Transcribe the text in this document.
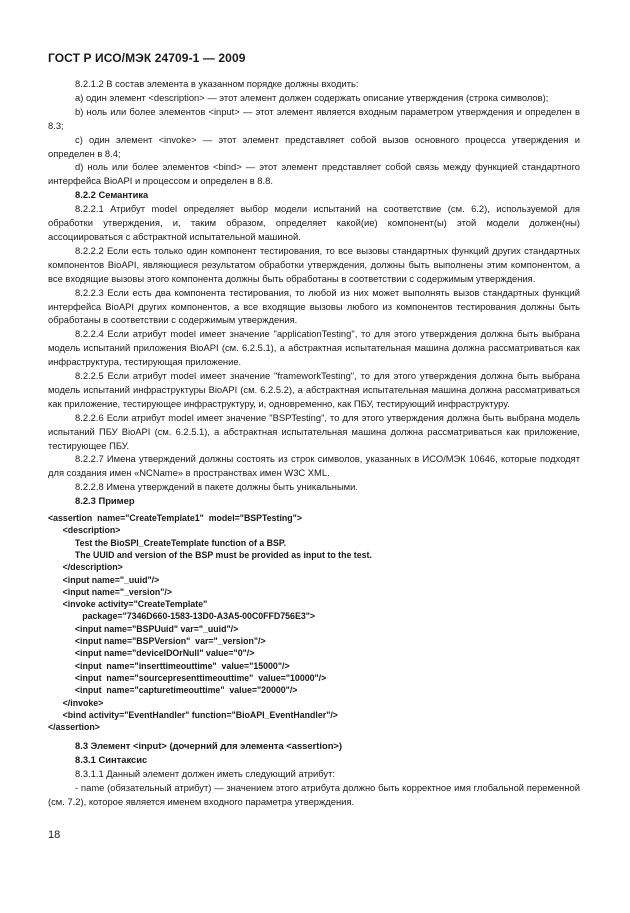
ГОСТ Р ИСО/МЭК 24709-1 — 2009

8.2.1.2 В состав элемента в указанном порядке должны входить:

а) один элемент <description> — этот элемент должен содержать описание утверждения (строка символов);

b) ноль или более элементов <input> — этот элемент является входным параметром утверждения и определен в 8.3;

с) один элемент <invoke> — этот элемент представляет собой вызов основного процесса утверждения и определен в 8.4;

d) ноль или более элементов <bind> — этот элемент представляет собой связь между функцией стандартного интерфейса BioAPI и процессом и определен в 8.8.

8.2.2 Семантика

8.2.2.1 Атрибут model определяет выбор модели испытаний на соответствие (см. 6.2), используемой для обработки утверждения, и, таким образом, определяет какой(ие) компонент(ы) этой модели должен(ны) ассоциироваться с абстрактной испытательной машиной.

8.2.2.2 Если есть только один компонент тестирования, то все вызовы стандартных функций других стандартных компонентов BioAPI, являющиеся результатом обработки утверждения, должны быть выполнены этим компонентом, а все входящие вызовы этого компонента должны быть обработаны в соответствии с содержимым утверждения.

8.2.2.3 Если есть два компонента тестирования, то любой из них может выполнять вызов стандартных функций интерфейса BioAPI других компонентов, а все входящие вызовы любого из компонентов тестирования должны быть обработаны в соответствии с содержимым утверждения.

8.2.2.4 Если атрибут model имеет значение "applicationTesting", то для этого утверждения должна быть выбрана модель испытаний приложения BioAPI (см. 6.2.5.1), а абстрактная испытательная машина должна рассматриваться как инфраструктура, тестирующая приложение.

8.2.2.5 Если атрибут model имеет значение "frameworkTesting", то для этого утверждения должна быть выбрана модель испытаний инфраструктуры BioAPI (см. 6.2.5.2), а абстрактная испытательная машина должна рассматриваться как приложение, тестирующее инфраструктуру, и, одновременно, как ПБУ, тестирующий инфраструктуру.

8.2.2.6 Если атрибут model имеет значение "BSPTesting", то для этого утверждения должна быть выбрана модель испытаний ПБУ BioAPI (см. 6.2.5.1), а абстрактная испытательная машина должна рассматриваться как приложение, тестирующее ПБУ.

8.2.2.7 Имена утверждений должны состоять из строк символов, указанных в ИСО/МЭК 10646, которые подходят для создания имен «NCName» в пространствах имен W3C XML.

8.2.2.8 Имена утверждений в пакете должны быть уникальными.

8.2.3 Пример

<assertion  name="CreateTemplate1"  model="BSPTesting">
<description>
Test the BioSPI_CreateTemplate function of a BSP.
The UUID and version of the BSP must be provided as input to the test.
</description>
<input name="_uuid"/>
<input name="_version"/>
<invoke activity="CreateTemplate"
package="7346D660-1583-13D0-A3A5-00C0FFD756E3">
<input name="BSPUuid" var="_uuid"/>
<input name="BSPVersion"  var="_version"/>
<input name="deviceIDOrNull" value="0"/>
<input  name="inserttimeouttime"  value="15000"/>
<input  name="sourcepresenttimeouttime"  value="10000"/>
<input  name="capturetimeouttime"  value="20000"/>
</invoke>
<bind activity="EventHandler" function="BioAPI_EventHandler"/>
</assertion>

8.3 Элемент <input> (дочерний для элемента <assertion>)

8.3.1 Синтаксис

8.3.1.1 Данный элемент должен иметь следующий атрибут:

- name (обязательный атрибут) — значением этого атрибута должно быть корректное имя глобальной переменной (см. 7.2), которое является именем входного параметра утверждения.

18
